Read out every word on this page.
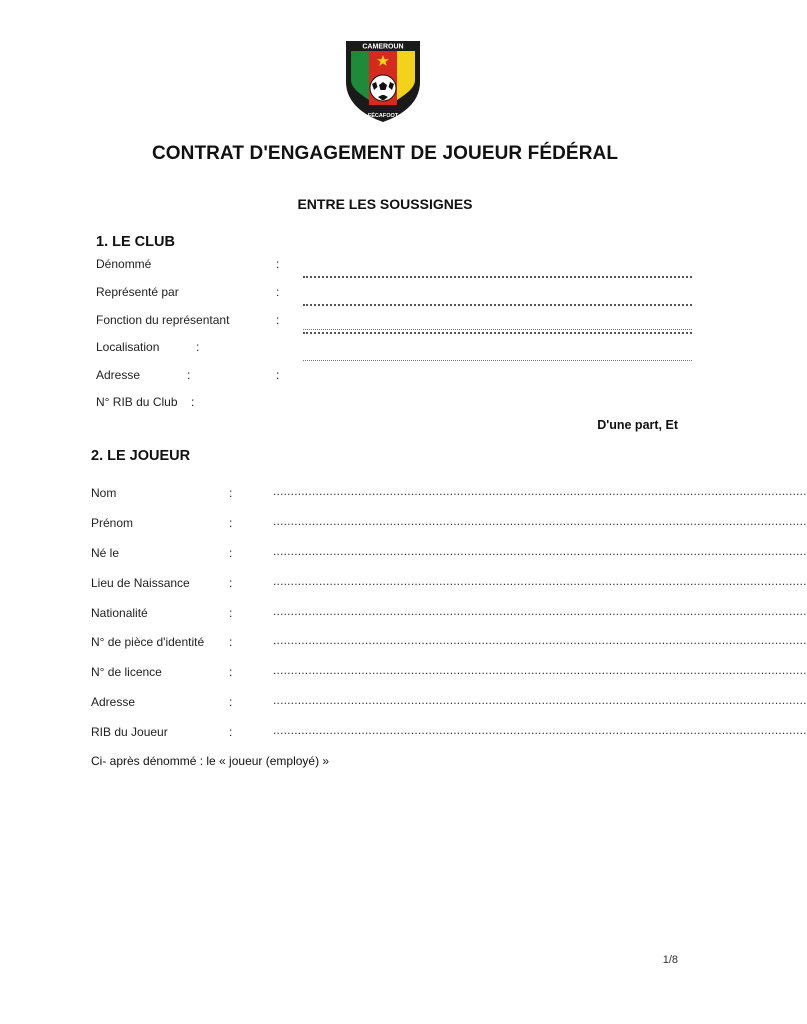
CAMEROUN
FÉCAFOOT
CONTRAT D'ENGAGEMENT DE JOUEUR FÉDÉRAL
ENTRE LES SOUSSIGNES
1. LE CLUB
Dénommé	:
Représenté par	:
Fonction du représentant	:
Localisation	:
Adresse	:	:
N° RIB du Club :
D'une part, Et
2. LE JOUEUR
Nom	:	.......................................................................................................................................................
Prénom	:	.......................................................................................................................................................
Né le	:	.......................................................................................................................................................
Lieu de Naissance	:	.......................................................................................................................................................
Nationalité	:	.......................................................................................................................................................
N° de pièce d'identité :	.......................................................................................................................................................
N° de licence	:	.......................................................................................................................................................
Adresse	:	.......................................................................................................................................................
RIB du Joueur	:	.......................................................................................................................................................
Ci- après dénommé : le « joueur (employé) »
1/8
